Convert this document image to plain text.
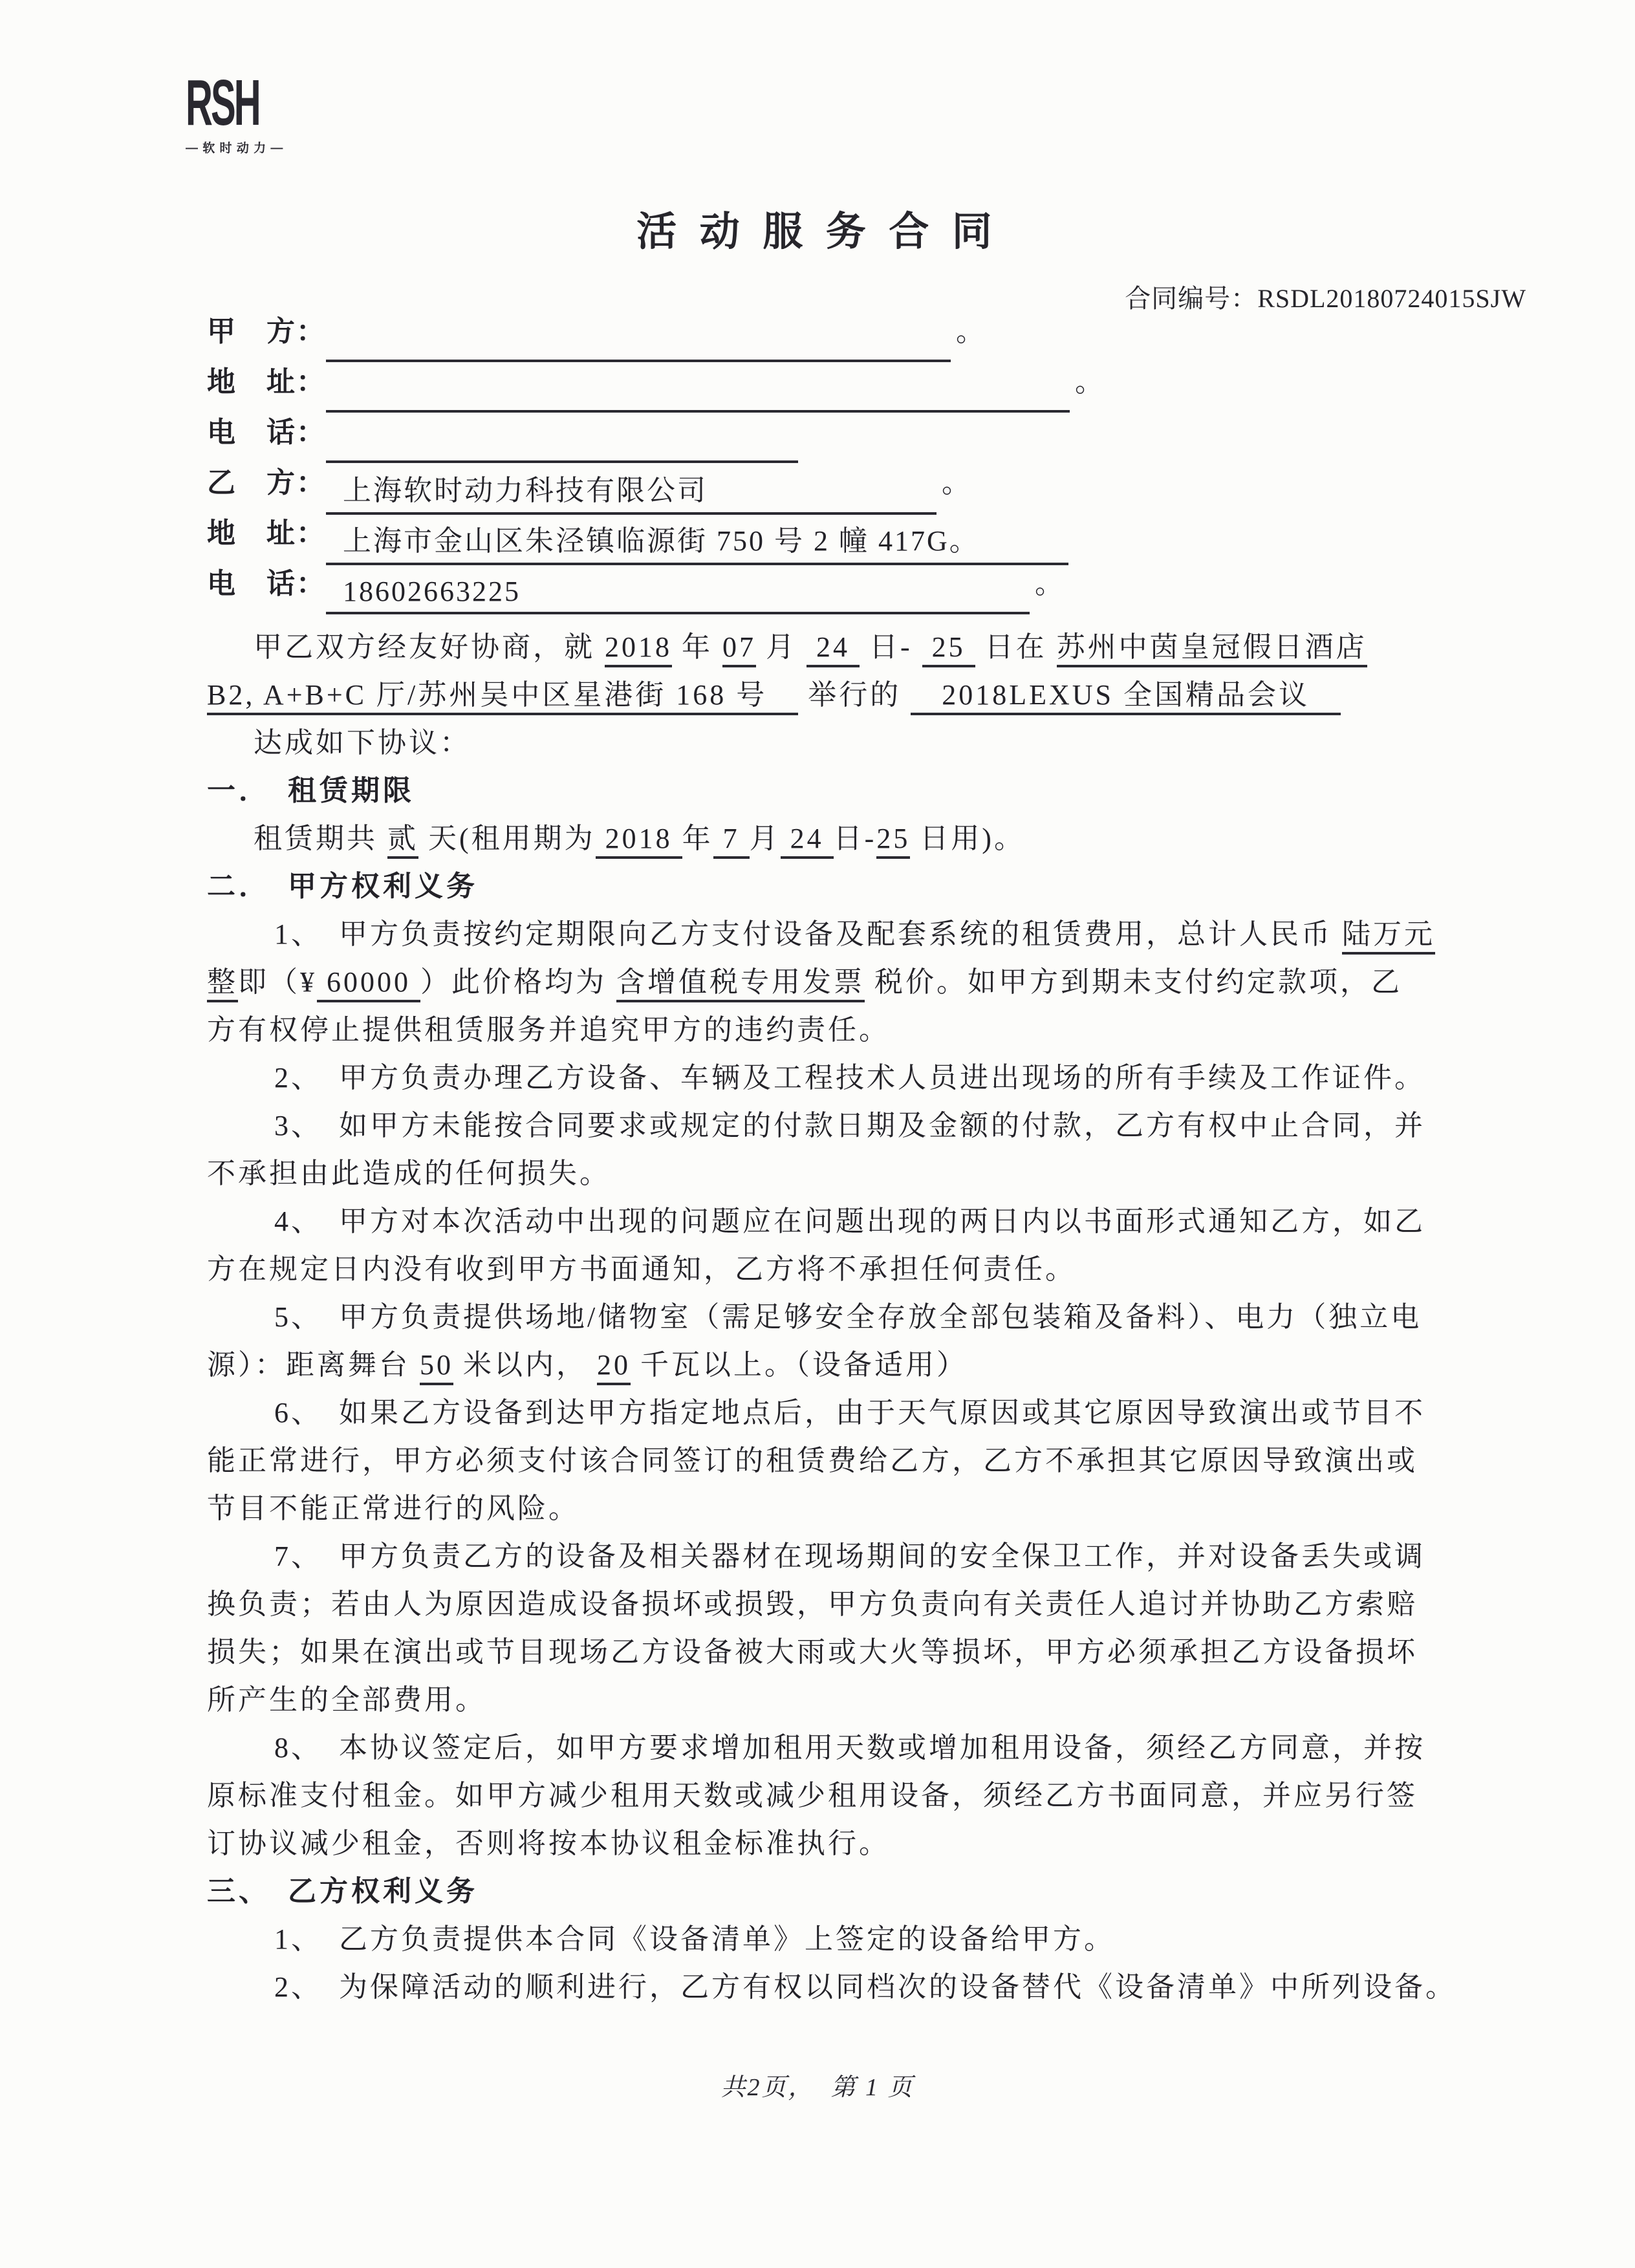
RSH
— 软 时 动 力 —
活 动 服 务 合 同
合同编号：RSDL20180724015SJW
甲　方：	。
地　址：	。
电　话：
乙　方： 上海软时动力科技有限公司	。
地　址： 上海市金山区朱泾镇临源街 750 号 2 幢 417G。
电　话： 18602663225	。
甲乙双方经友好协商，就 2018 年 07 月  24  日-  25  日在 苏州中茵皇冠假日酒店
B2, A+B+C 厅/苏州吴中区星港街 168 号　 举行的 　2018LEXUS 全国精品会议　
达成如下协议：
一．　租赁期限
租赁期共 贰 天(租用期为 2018 年 7 月 24 日-25 日用)。
二．　甲方权利义务
1、　甲方负责按约定期限向乙方支付设备及配套系统的租赁费用，总计人民币 陆万元
整即（¥ 60000 ）此价格均为 含增值税专用发票 税价。如甲方到期未支付约定款项，乙
方有权停止提供租赁服务并追究甲方的违约责任。
2、　甲方负责办理乙方设备、车辆及工程技术人员进出现场的所有手续及工作证件。
3、　如甲方未能按合同要求或规定的付款日期及金额的付款，乙方有权中止合同，并
不承担由此造成的任何损失。
4、　甲方对本次活动中出现的问题应在问题出现的两日内以书面形式通知乙方，如乙
方在规定日内没有收到甲方书面通知，乙方将不承担任何责任。
5、　甲方负责提供场地/储物室（需足够安全存放全部包装箱及备料）、电力（独立电
源）：距离舞台 50 米以内， 20 千瓦以上。（设备适用）
6、　如果乙方设备到达甲方指定地点后，由于天气原因或其它原因导致演出或节目不
能正常进行，甲方必须支付该合同签订的租赁费给乙方，乙方不承担其它原因导致演出或
节目不能正常进行的风险。
7、　甲方负责乙方的设备及相关器材在现场期间的安全保卫工作，并对设备丢失或调
换负责；若由人为原因造成设备损坏或损毁，甲方负责向有关责任人追讨并协助乙方索赔
损失；如果在演出或节目现场乙方设备被大雨或大火等损坏，甲方必须承担乙方设备损坏
所产生的全部费用。
8、　本协议签定后，如甲方要求增加租用天数或增加租用设备，须经乙方同意，并按
原标准支付租金。如甲方减少租用天数或减少租用设备，须经乙方书面同意，并应另行签
订协议减少租金，否则将按本协议租金标准执行。
三、　乙方权利义务
1、　乙方负责提供本合同《设备清单》上签定的设备给甲方。
2、　为保障活动的顺利进行，乙方有权以同档次的设备替代《设备清单》中所列设备。
共2页，  第 1 页
